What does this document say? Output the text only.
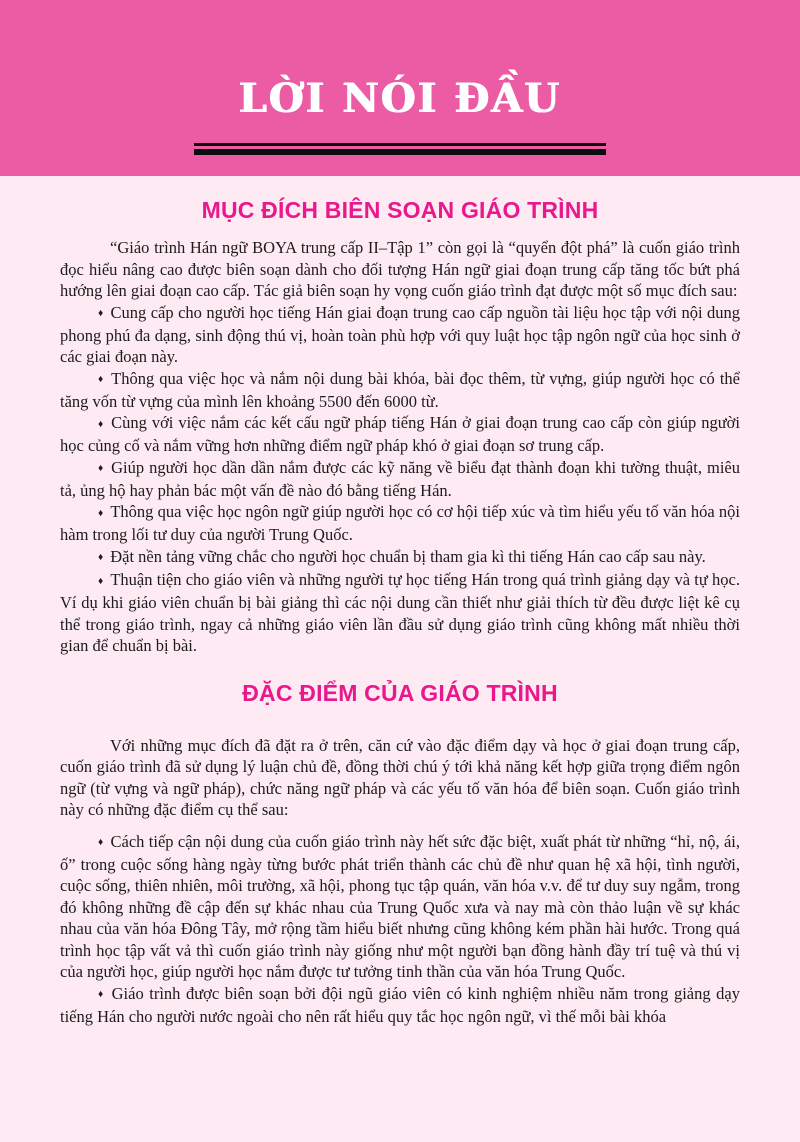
LỜI NÓI ĐẦU
MỤC ĐÍCH BIÊN SOẠN GIÁO TRÌNH

“Giáo trình Hán ngữ BOYA trung cấp II–Tập 1” còn gọi là “quyển đột phá” là cuốn giáo trình đọc hiểu nâng cao được biên soạn dành cho đối tượng Hán ngữ giai đoạn trung cấp tăng tốc bứt phá hướng lên giai đoạn cao cấp. Tác giả biên soạn hy vọng cuốn giáo trình đạt được một số mục đích sau:

♦ Cung cấp cho người học tiếng Hán giai đoạn trung cao cấp nguồn tài liệu học tập với nội dung phong phú đa dạng, sinh động thú vị, hoàn toàn phù hợp với quy luật học tập ngôn ngữ của học sinh ở các giai đoạn này.

♦ Thông qua việc học và nắm nội dung bài khóa, bài đọc thêm, từ vựng, giúp người học có thể tăng vốn từ vựng của mình lên khoảng 5500 đến 6000 từ.

♦ Cùng với việc nắm các kết cấu ngữ pháp tiếng Hán ở giai đoạn trung cao cấp còn giúp người học củng cố và nắm vững hơn những điểm ngữ pháp khó ở giai đoạn sơ trung cấp.

♦ Giúp người học dần dần nắm được các kỹ năng về biểu đạt thành đoạn khi tường thuật, miêu tả, ủng hộ hay phản bác một vấn đề nào đó bằng tiếng Hán.

♦ Thông qua việc học ngôn ngữ giúp người học có cơ hội tiếp xúc và tìm hiểu yếu tố văn hóa nội hàm trong lối tư duy của người Trung Quốc.

♦ Đặt nền tảng vững chắc cho người học chuẩn bị tham gia kì thi tiếng Hán cao cấp sau này.

♦ Thuận tiện cho giáo viên và những người tự học tiếng Hán trong quá trình giảng dạy và tự học. Ví dụ khi giáo viên chuẩn bị bài giảng thì các nội dung cần thiết như giải thích từ đều được liệt kê cụ thể trong giáo trình, ngay cả những giáo viên lần đầu sử dụng giáo trình cũng không mất nhiều thời gian để chuẩn bị bài.

ĐẶC ĐIỂM CỦA GIÁO TRÌNH

Với những mục đích đã đặt ra ở trên, căn cứ vào đặc điểm dạy và học ở giai đoạn trung cấp, cuốn giáo trình đã sử dụng lý luận chủ đề, đồng thời chú ý tới khả năng kết hợp giữa trọng điểm ngôn ngữ (từ vựng và ngữ pháp), chức năng ngữ pháp và các yếu tố văn hóa để biên soạn. Cuốn giáo trình này có những đặc điểm cụ thể sau:

♦ Cách tiếp cận nội dung của cuốn giáo trình này hết sức đặc biệt, xuất phát từ những “hỉ, nộ, ái, ố” trong cuộc sống hàng ngày từng bước phát triển thành các chủ đề như quan hệ xã hội, tình người, cuộc sống, thiên nhiên, môi trường, xã hội, phong tục tập quán, văn hóa v.v. để tư duy suy ngẫm, trong đó không những đề cập đến sự khác nhau của Trung Quốc xưa và nay mà còn thảo luận về sự khác nhau của văn hóa Đông Tây, mở rộng tầm hiểu biết nhưng cũng không kém phần hài hước. Trong quá trình học tập vất vả thì cuốn giáo trình này giống như một người bạn đồng hành đầy trí tuệ và thú vị của người học, giúp người học nắm được tư tưởng tinh thần của văn hóa Trung Quốc.

♦ Giáo trình được biên soạn bởi đội ngũ giáo viên có kinh nghiệm nhiều năm trong giảng dạy tiếng Hán cho người nước ngoài cho nên rất hiểu quy tắc học ngôn ngữ, vì thế mỗi bài khóa
